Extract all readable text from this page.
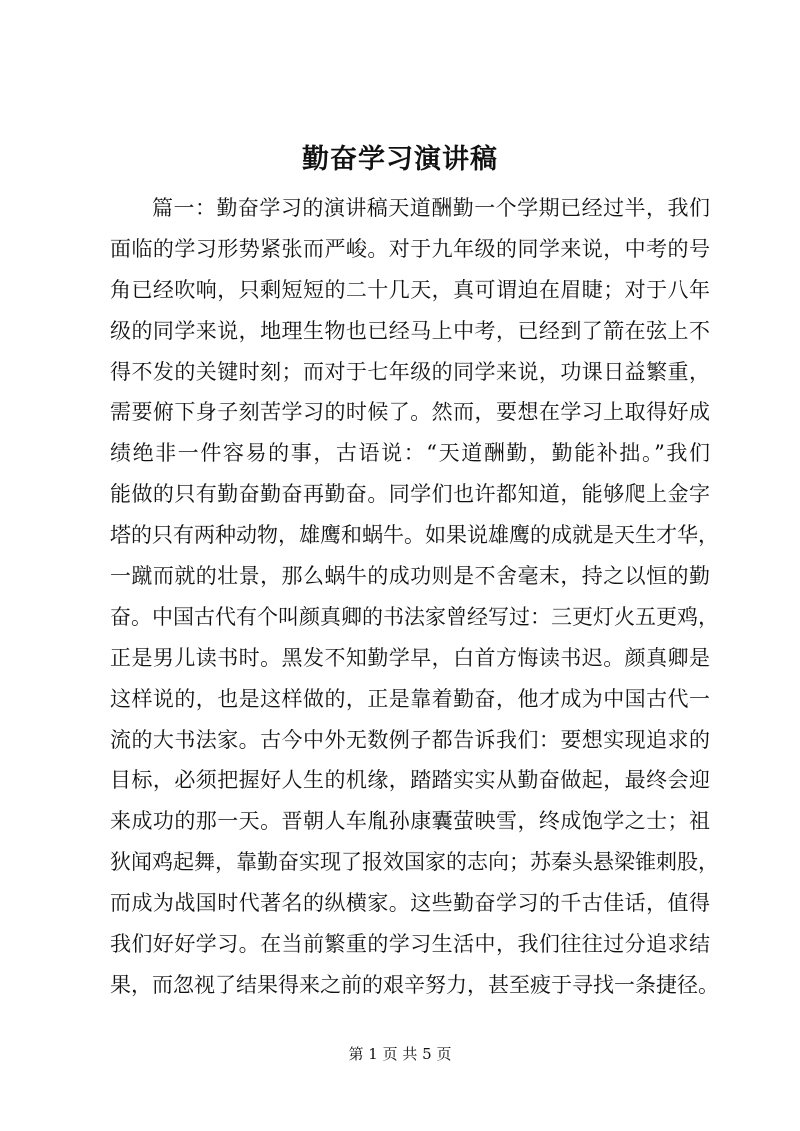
勤奋学习演讲稿
篇一：勤奋学习的演讲稿天道酬勤一个学期已经过半，我们
面临的学习形势紧张而严峻。对于九年级的同学来说，中考的号
角已经吹响，只剩短短的二十几天，真可谓迫在眉睫；对于八年
级的同学来说，地理生物也已经马上中考，已经到了箭在弦上不
得不发的关键时刻；而对于七年级的同学来说，功课日益繁重，
需要俯下身子刻苦学习的时候了。然而，要想在学习上取得好成
绩绝非一件容易的事，古语说：“天道酬勤，勤能补拙。”我们
能做的只有勤奋勤奋再勤奋。同学们也许都知道，能够爬上金字
塔的只有两种动物，雄鹰和蜗牛。如果说雄鹰的成就是天生才华，
一蹴而就的壮景，那么蜗牛的成功则是不舍毫末，持之以恒的勤
奋。中国古代有个叫颜真卿的书法家曾经写过：三更灯火五更鸡，
正是男儿读书时。黑发不知勤学早，白首方悔读书迟。颜真卿是
这样说的，也是这样做的，正是靠着勤奋，他才成为中国古代一
流的大书法家。古今中外无数例子都告诉我们：要想实现追求的
目标，必须把握好人生的机缘，踏踏实实从勤奋做起，最终会迎
来成功的那一天。晋朝人车胤孙康囊萤映雪，终成饱学之士；祖
狄闻鸡起舞，靠勤奋实现了报效国家的志向；苏秦头悬梁锥刺股，
而成为战国时代著名的纵横家。这些勤奋学习的千古佳话，值得
我们好好学习。在当前繁重的学习生活中，我们往往过分追求结
果，而忽视了结果得来之前的艰辛努力，甚至疲于寻找一条捷径。
第 1 页 共 5 页
